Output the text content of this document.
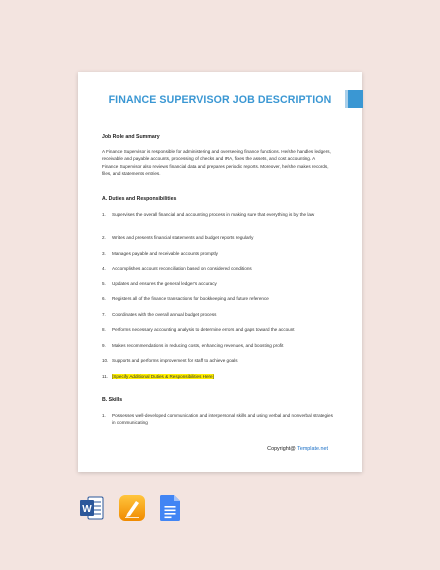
FINANCE SUPERVISOR JOB DESCRIPTION
Job Role and Summary
A Finance Supervisor is responsible for administering and overseeing finance functions. He/she handles ledgers, receivable and payable accounts, processing of checks and IRA, fixes the assets, and cost accounting. A Finance Supervisor also reviews financial data and prepares periodic reports. Moreover, he/she makes records, files, and statements entries.
A. Duties and Responsibilities
1.	Supervises the overall financial and accounting process in making sure that everything is by the law
2.	Writes and presents financial statements and budget reports regularly
3.	Manages payable and receivable accounts promptly
4.	Accomplishes account reconciliation based on considered conditions
5.	Updates and ensures the general ledger's accuracy
6.	Registers all of the finance transactions for bookkeeping and future reference
7.	Coordinates with the overall annual budget process
8.	Performs necessary accounting analysis to determine errors and gaps toward the account
9.	Makes recommendations in reducing costs, enhancing revenues, and boosting profit
10. Supports and performs improvement for staff to achieve goals
11. [Specify Additional Duties & Responsibilities Here]
B. Skills
1.	Possesses well-developed communication and interpersonal skills and using verbal and nonverbal strategies in communicating
Copyright@ Template.net
W
